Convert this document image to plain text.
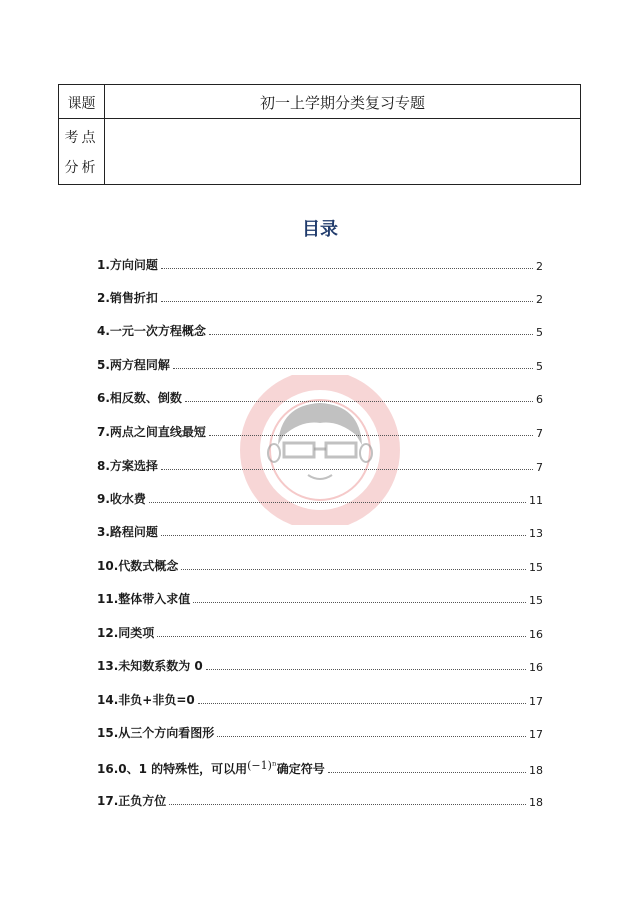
课题	初一上学期分类复习专题
考点
分析
目录
1.方向问题	2
2.销售折扣	2
4.一元一次方程概念	5
5.两方程同解	5
6.相反数、倒数	6
7.两点之间直线最短	7
8.方案选择	7
9.收水费	11
3.路程问题	13
10.代数式概念	15
11.整体带入求值	15
12.同类项	16
13.未知数系数为 0	16
14.非负+非负=0	17
15.从三个方向看图形	17
16.0、1 的特殊性，可以用 (−1)ⁿ 确定符号	18
17.正负方位	18
